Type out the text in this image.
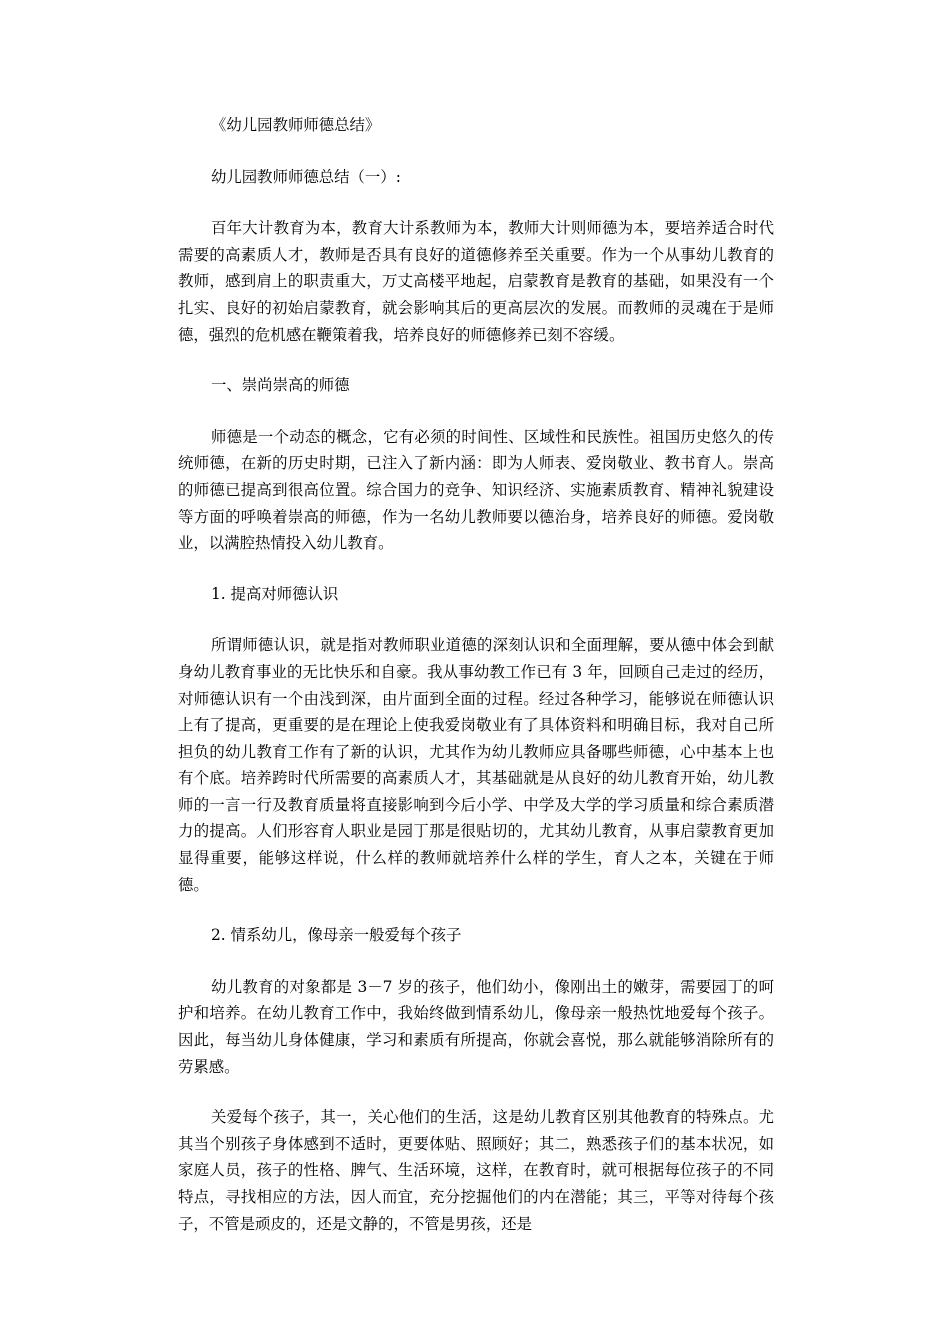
《幼儿园教师师德总结》

幼儿园教师师德总结（一）:

百年大计教育为本，教育大计系教师为本，教师大计则师德为本，要培养适合时代需要的高素质人才，教师是否具有良好的道德修养至关重要。作为一个从事幼儿教育的教师，感到肩上的职责重大，万丈高楼平地起，启蒙教育是教育的基础，如果没有一个扎实、良好的初始启蒙教育，就会影响其后的更高层次的发展。而教师的灵魂在于是师德，强烈的危机感在鞭策着我，培养良好的师德修养已刻不容缓。

一、崇尚崇高的师德

师德是一个动态的概念，它有必须的时间性、区域性和民族性。祖国历史悠久的传统师德，在新的历史时期，已注入了新内涵：即为人师表、爱岗敬业、教书育人。崇高的师德已提高到很高位置。综合国力的竞争、知识经济、实施素质教育、精神礼貌建设等方面的呼唤着崇高的师德，作为一名幼儿教师要以德治身，培养良好的师德。爱岗敬业，以满腔热情投入幼儿教育。

1. 提高对师德认识

所谓师德认识，就是指对教师职业道德的深刻认识和全面理解，要从德中体会到献身幼儿教育事业的无比快乐和自豪。我从事幼教工作已有 3 年，回顾自己走过的经历，对师德认识有一个由浅到深，由片面到全面的过程。经过各种学习，能够说在师德认识上有了提高，更重要的是在理论上使我爱岗敬业有了具体资料和明确目标，我对自己所担负的幼儿教育工作有了新的认识，尤其作为幼儿教师应具备哪些师德，心中基本上也有个底。培养跨时代所需要的高素质人才，其基础就是从良好的幼儿教育开始，幼儿教师的一言一行及教育质量将直接影响到今后小学、中学及大学的学习质量和综合素质潜力的提高。人们形容育人职业是园丁那是很贴切的，尤其幼儿教育，从事启蒙教育更加显得重要，能够这样说，什么样的教师就培养什么样的学生，育人之本，关键在于师德。

2. 情系幼儿，像母亲一般爱每个孩子

幼儿教育的对象都是 3－7 岁的孩子，他们幼小，像刚出土的嫩芽，需要园丁的呵护和培养。在幼儿教育工作中，我始终做到情系幼儿，像母亲一般热忱地爱每个孩子。因此，每当幼儿身体健康，学习和素质有所提高，你就会喜悦，那么就能够消除所有的劳累感。

关爱每个孩子，其一，关心他们的生活，这是幼儿教育区别其他教育的特殊点。尤其当个别孩子身体感到不适时，更要体贴、照顾好；其二，熟悉孩子们的基本状况，如家庭人员，孩子的性格、脾气、生活环境，这样，在教育时，就可根据每位孩子的不同特点，寻找相应的方法，因人而宜，充分挖掘他们的内在潜能；其三，平等对待每个孩子，不管是顽皮的，还是文静的，不管是男孩，还是
